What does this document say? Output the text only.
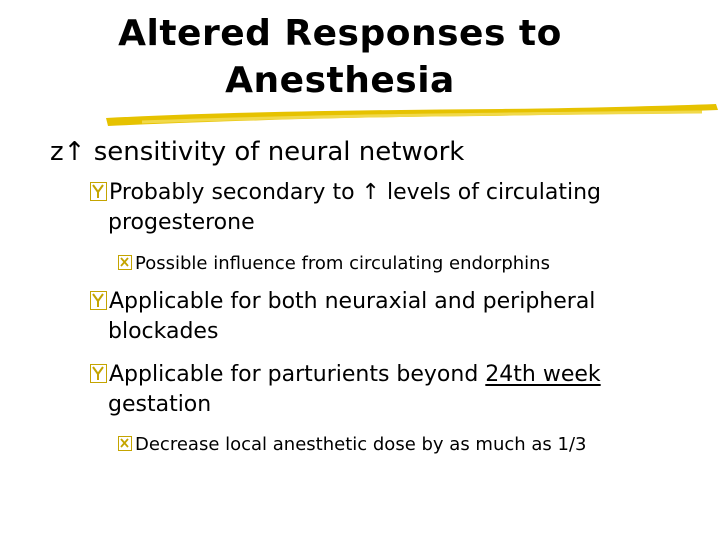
Altered Responses to
Anesthesia
z↑ sensitivity of neural network
Probably secondary to ↑ levels of circulating
progesterone
Possible influence from circulating endorphins
Applicable for both neuraxial and peripheral
blockades
Applicable for parturients beyond 24th week
gestation
Decrease local anesthetic dose by as much as 1/3
